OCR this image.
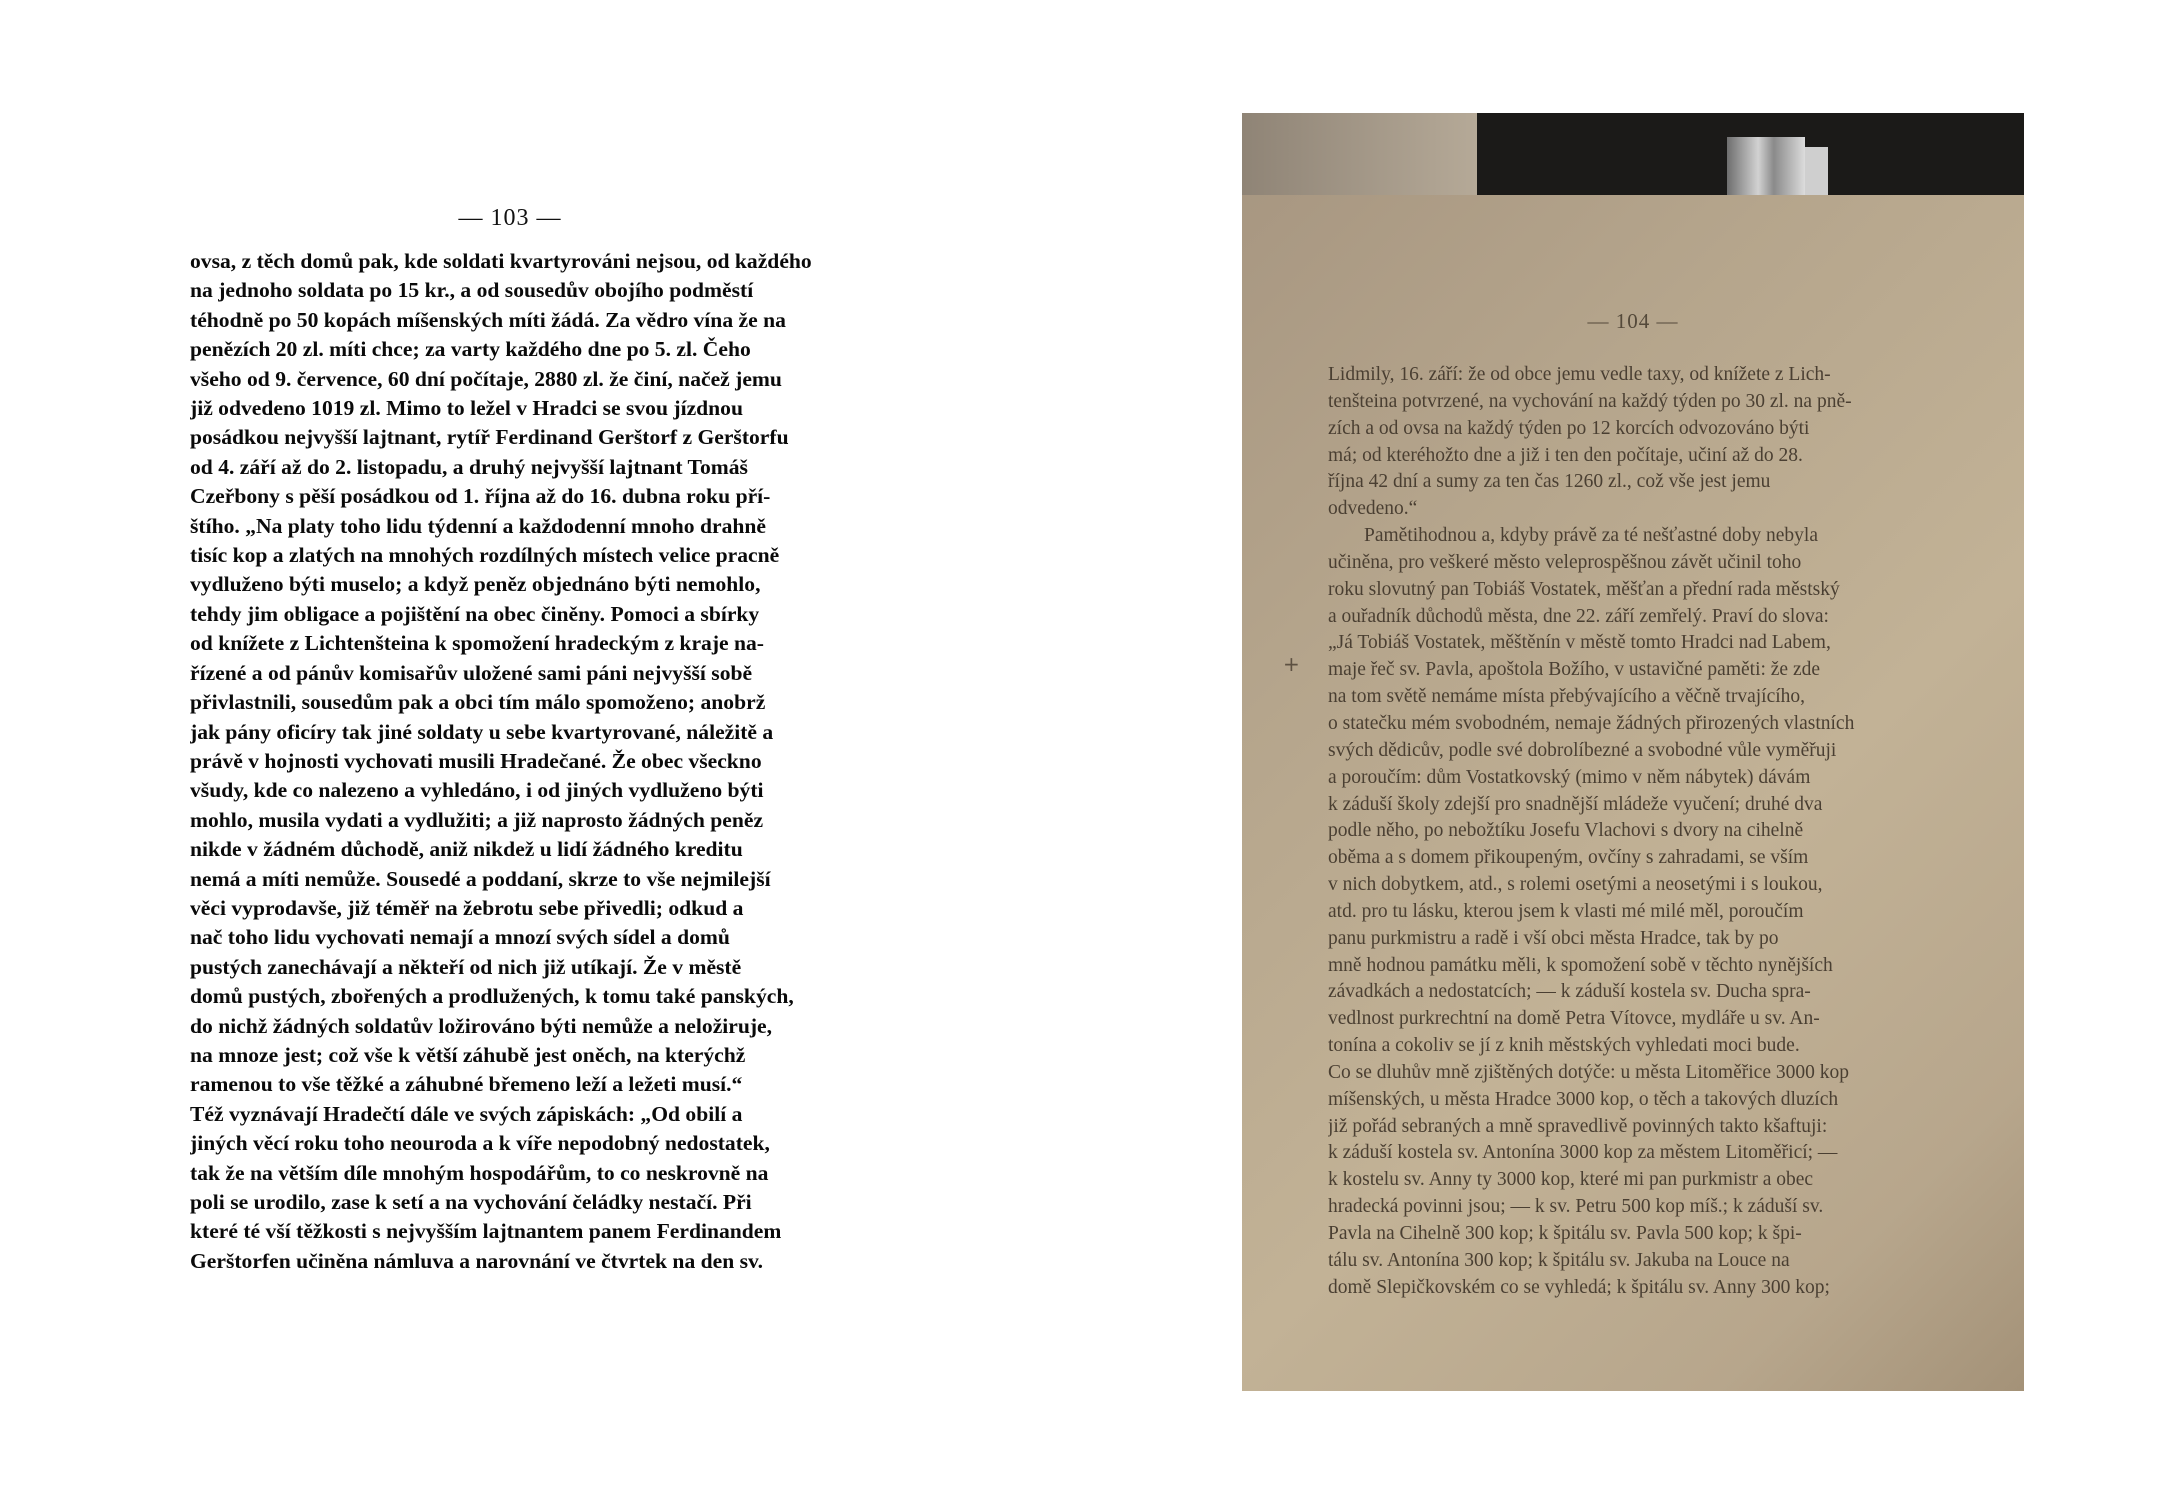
— 103 —
ovsa, z těch domů pak, kde soldati kvartyrováni nejsou, od každého
na jednoho soldata po 15 kr., a od sousedův obojího podměstí
téhodně po 50 kopách míšenských míti žádá. Za vědro vína že na
penězích 20 zl. míti chce; za varty každého dne po 5. zl. Čeho
všeho od 9. července, 60 dní počítaje, 2880 zl. že činí, načež jemu
již odvedeno 1019 zl. Mimo to ležel v Hradci se svou jízdnou
posádkou nejvyšší lajtnant, rytíř Ferdinand Gerštorf z Gerštorfu
od 4. září až do 2. listopadu, a druhý nejvyšší lajtnant Tomáš
Czeřbony s pěší posádkou od 1. října až do 16. dubna roku pří-
štího. „Na platy toho lidu týdenní a každodenní mnoho drahně
tisíc kop a zlatých na mnohých rozdílných místech velice pracně
vydluženo býti muselo; a když peněz objednáno býti nemohlo,
tehdy jim obligace a pojištění na obec činěny. Pomoci a sbírky
od knížete z Lichtenšteina k spomožení hradeckým z kraje na-
řízené a od pánův komisařův uložené sami páni nejvyšší sobě
přivlastnili, sousedům pak a obci tím málo spomoženo; anobrž
jak pány oficíry tak jiné soldaty u sebe kvartyrované, náležitě a
právě v hojnosti vychovati musili Hradečané. Že obec všeckno
všudy, kde co nalezeno a vyhledáno, i od jiných vydluženo býti
mohlo, musila vydati a vydlužiti; a již naprosto žádných peněz
nikde v žádném důchodě, aniž nikdež u lidí žádného kreditu
nemá a míti nemůže. Sousedé a poddaní, skrze to vše nejmilejší
věci vyprodavše, již téměř na žebrotu sebe přivedli; odkud a
nač toho lidu vychovati nemají a mnozí svých sídel a domů
pustých zanechávají a někteří od nich již utíkají. Že v městě
domů pustých, zbořených a prodlužených, k tomu také panských,
do nichž žádných soldatův ložirováno býti nemůže a neložiruje,
na mnoze jest; což vše k větší záhubě jest oněch, na kterýchž
ramenou to vše těžké a záhubné břemeno leží a ležeti musí.“
Též vyznávají Hradečtí dále ve svých zápiskách: „Od obilí a
jiných věcí roku toho neouroda a k víře nepodobný nedostatek,
tak že na větším díle mnohým hospodářům, to co neskrovně na
poli se urodilo, zase k setí a na vychování čeládky nestačí. Při
které té vší těžkosti s nejvyšším lajtnantem panem Ferdinandem
Gerštorfen učiněna námluva a narovnání ve čtvrtek na den sv.
— 104 —
Lidmily, 16. září: že od obce jemu vedle taxy, od knížete z Lich-
tenšteina potvrzené, na vychování na každý týden po 30 zl. na pně-
zích a od ovsa na každý týden po 12 korcích odvozováno býti
má; od kteréhožto dne a již i ten den počítaje, učiní až do 28.
října 42 dní a sumy za ten čas 1260 zl., což vše jest jemu
odvedeno.“
Pamětihodnou a, kdyby právě za té nešťastné doby nebyla
učiněna, pro veškeré město veleprospěšnou závět učinil toho
roku slovutný pan Tobiáš Vostatek, měšťan a přední rada městský
a ouřadník důchodů města, dne 22. září zemřelý. Praví do slova:
„Já Tobiáš Vostatek, měštěnín v městě tomto Hradci nad Labem,
maje řeč sv. Pavla, apoštola Božího, v ustavičné paměti: že zde
na tom světě nemáme místa přebývajícího a věčně trvajícího,
o statečku mém svobodném, nemaje žádných přirozených vlastních
svých dědicův, podle své dobrolíbezné a svobodné vůle vyměřuji
a poroučím: dům Vostatkovský (mimo v něm nábytek) dávám
k záduší školy zdejší pro snadnější mládeže vyučení; druhé dva
podle něho, po nebožtíku Josefu Vlachovi s dvory na cihelně
oběma a s domem přikoupeným, ovčíny s zahradami, se vším
v nich dobytkem, atd., s rolemi osetými a neosetými i s loukou,
atd. pro tu lásku, kterou jsem k vlasti mé milé měl, poroučím
panu purkmistru a radě i vší obci města Hradce, tak by po
mně hodnou památku měli, k spomožení sobě v těchto nynějších
závadkách a nedostatcích; — k záduší kostela sv. Ducha spra-
vedlnost purkrechtní na domě Petra Vítovce, mydláře u sv. An-
tonína a cokoliv se jí z knih městských vyhledati moci bude.
Co se dluhův mně zjištěných dotýče: u města Litoměřice 3000 kop
míšenských, u města Hradce 3000 kop, o těch a takových dluzích
již pořád sebraných a mně spravedlivě povinných takto kšaftuji:
k záduší kostela sv. Antonína 3000 kop za městem Litoměřicí; —
k kostelu sv. Anny ty 3000 kop, které mi pan purkmistr a obec
hradecká povinni jsou; — k sv. Petru 500 kop míš.; k záduší sv.
Pavla na Cihelně 300 kop; k špitálu sv. Pavla 500 kop; k špi-
tálu sv. Antonína 300 kop; k špitálu sv. Jakuba na Louce na
domě Slepičkovském co se vyhledá; k špitálu sv. Anny 300 kop;
+
